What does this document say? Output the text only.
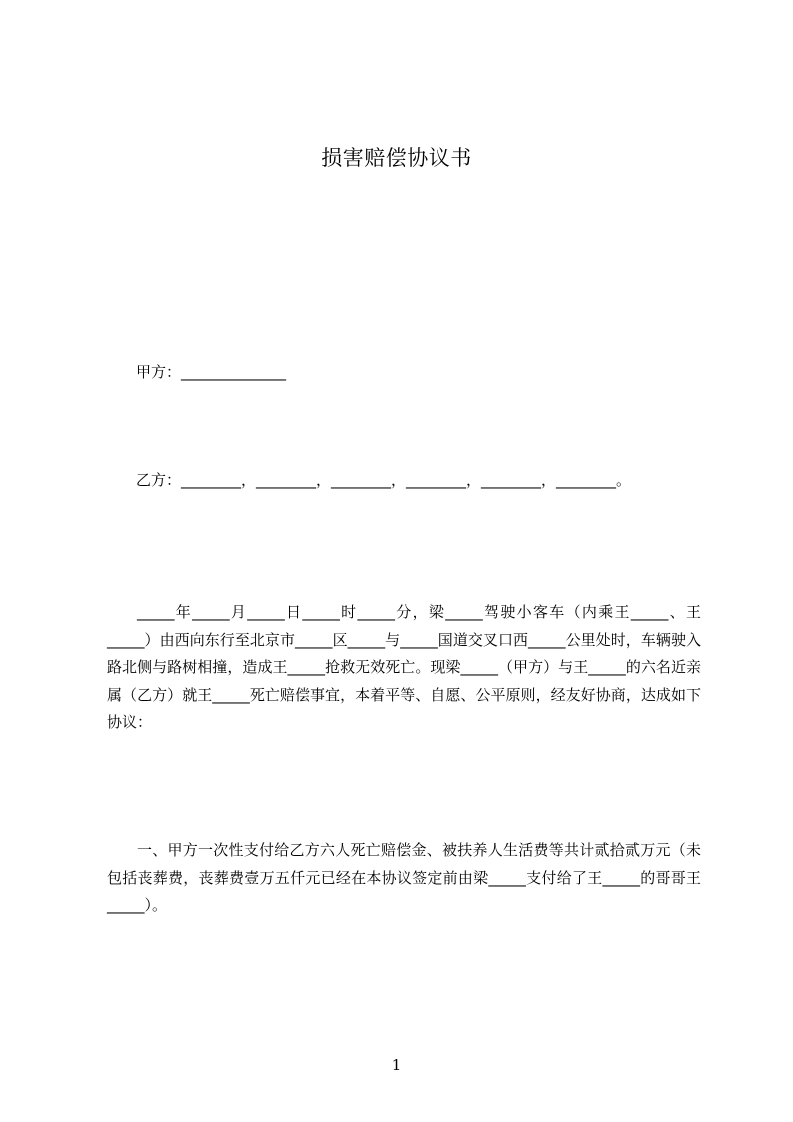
损害赔偿协议书
甲方：______________
乙方：________，________，________，________，________，________。

_____年_____月_____日_____时_____分，梁_____驾驶小客车（内乘王_____、王_____）由西向东行至北京市_____区_____与_____国道交叉口西_____公里处时，车辆驶入路北侧与路树相撞，造成王_____抢救无效死亡。现梁_____（甲方）与王_____的六名近亲属（乙方）就王_____死亡赔偿事宜，本着平等、自愿、公平原则，经友好协商，达成如下协议：

一、甲方一次性支付给乙方六人死亡赔偿金、被扶养人生活费等共计贰拾贰万元（未包括丧葬费，丧葬费壹万五仟元已经在本协议签定前由梁_____支付给了王_____的哥哥王_____）。

1
